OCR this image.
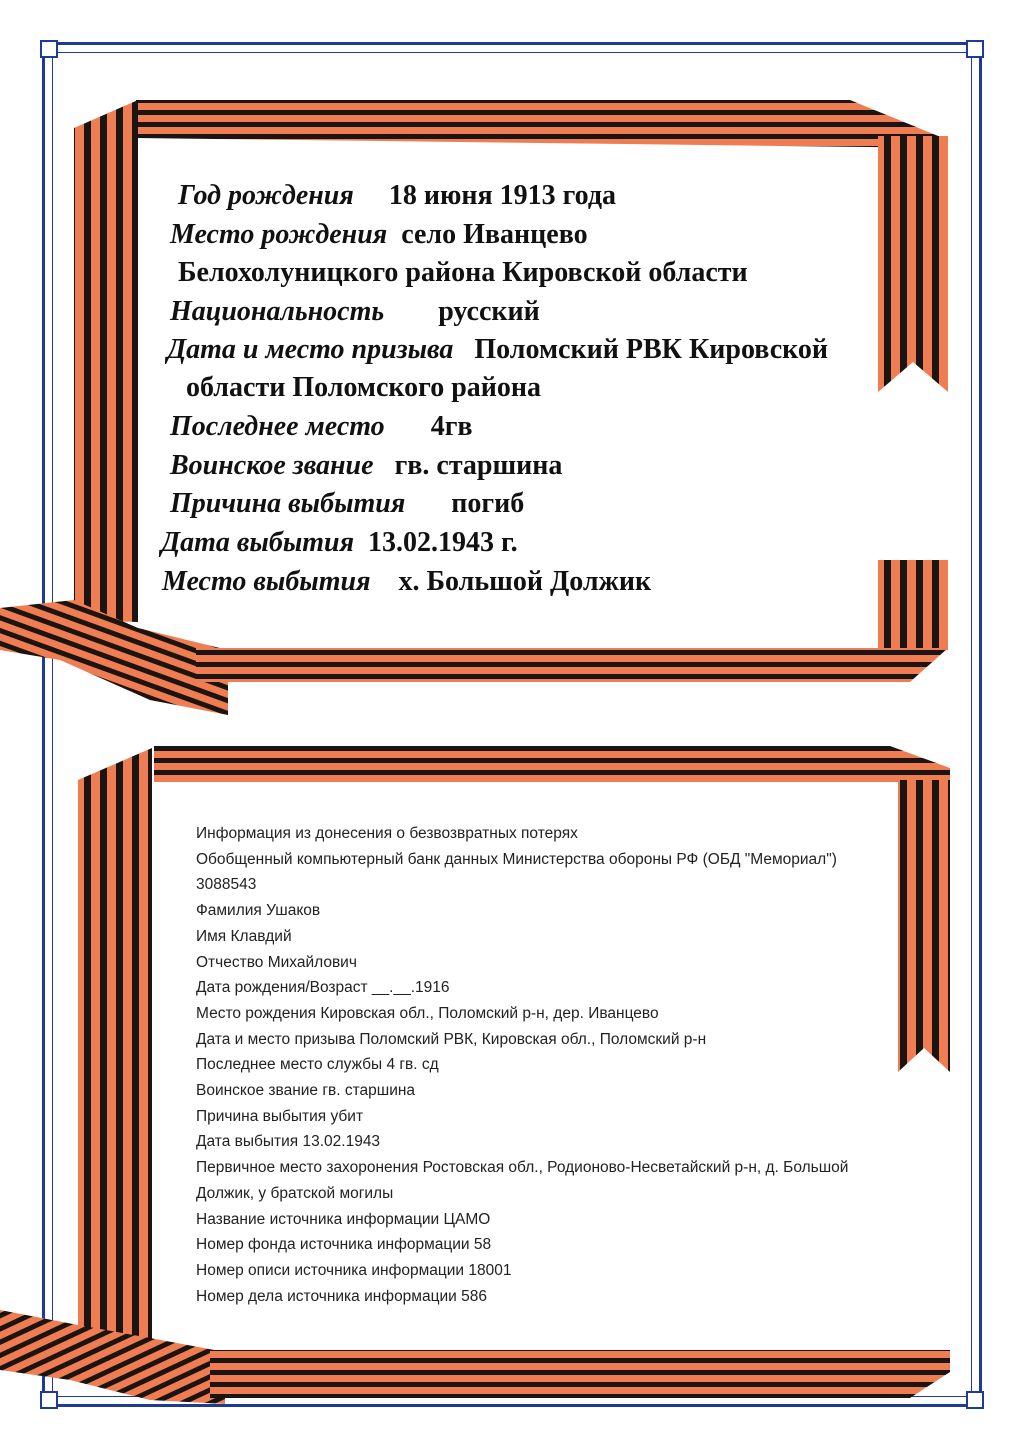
Год рождения 18 июня 1913 года
Место рождения село Иванцево
Белохолуницкого района Кировской области
Национальность русский
Дата и место призыва Поломский РВК Кировской
области Поломского района
Последнее место 4гв
Воинское звание гв. старшина
Причина выбытия погиб
Дата выбытия 13.02.1943 г.
Место выбытия х. Большой Должик
Информация из донесения о безвозвратных потерях
Обобщенный компьютерный банк данных Министерства обороны РФ (ОБД "Мемориал")
3088543
Фамилия Ушаков
Имя Клавдий
Отчество Михайлович
Дата рождения/Возраст __.__.1916
Место рождения Кировская обл., Поломский р-н, дер. Иванцево
Дата и место призыва Поломский РВК, Кировская обл., Поломский р-н
Последнее место службы 4 гв. сд
Воинское звание гв. старшина
Причина выбытия убит
Дата выбытия 13.02.1943
Первичное место захоронения Ростовская обл., Родионово-Несветайский р-н, д. Большой
Должик, у братской могилы
Название источника информации ЦАМО
Номер фонда источника информации 58
Номер описи источника информации 18001
Номер дела источника информации 586
